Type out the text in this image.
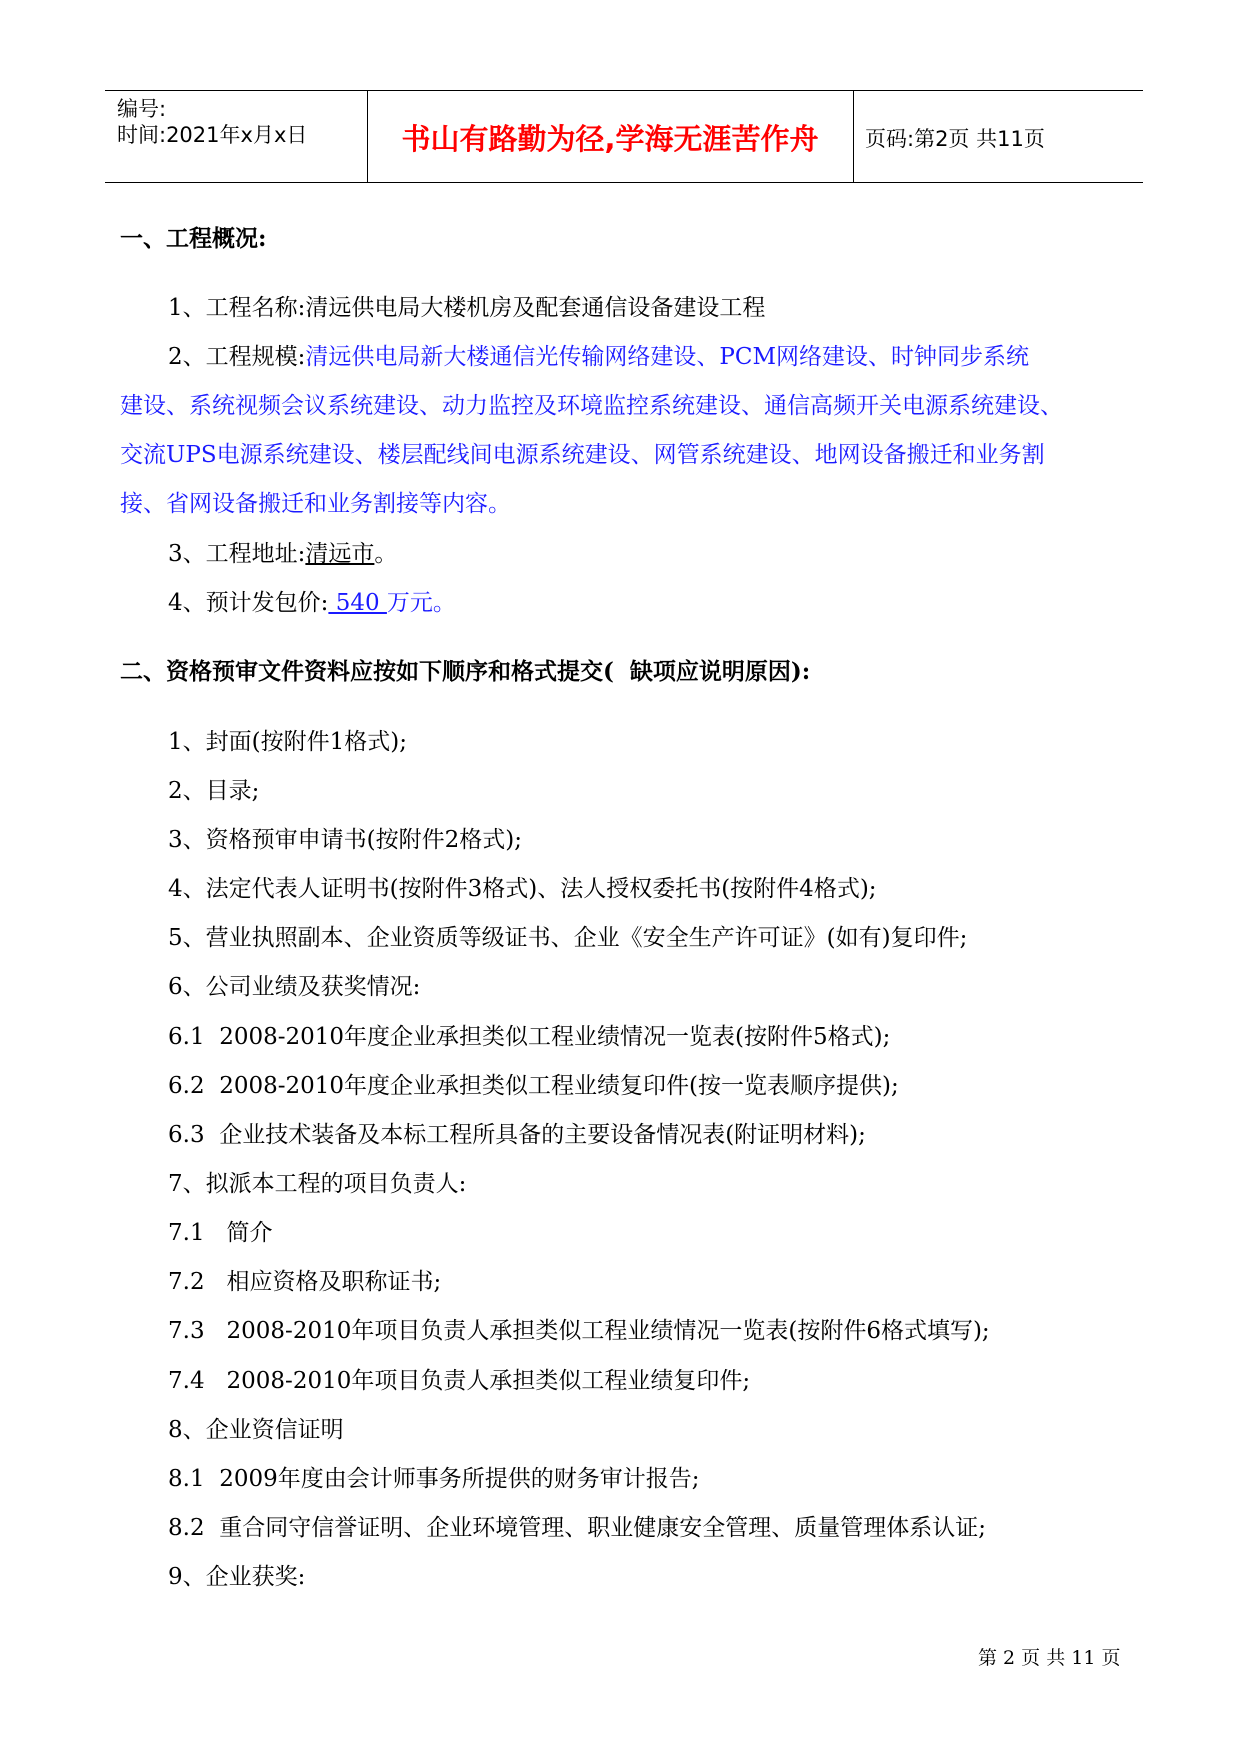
编号:
时间:2021年x月x日	书山有路勤为径,学海无涯苦作舟	页码:第2页 共11页
一、工程概况:
1、工程名称:清远供电局大楼机房及配套通信设备建设工程
2、工程规模:清远供电局新大楼通信光传输网络建设、PCM网络建设、时钟同步系统
建设、系统视频会议系统建设、动力监控及环境监控系统建设、通信高频开关电源系统建设、
交流UPS电源系统建设、楼层配线间电源系统建设、网管系统建设、地网设备搬迁和业务割
接、省网设备搬迁和业务割接等内容。
3、工程地址:清远市。
4、预计发包价: 540 万元。
二、资格预审文件资料应按如下顺序和格式提交(  缺项应说明原因):
1、封面(按附件1格式);
2、目录;
3、资格预审申请书(按附件2格式);
4、法定代表人证明书(按附件3格式)、法人授权委托书(按附件4格式);
5、营业执照副本、企业资质等级证书、企业《安全生产许可证》(如有)复印件;
6、公司业绩及获奖情况:
6.1  2008-2010年度企业承担类似工程业绩情况一览表(按附件5格式);
6.2  2008-2010年度企业承担类似工程业绩复印件(按一览表顺序提供);
6.3  企业技术装备及本标工程所具备的主要设备情况表(附证明材料);
7、拟派本工程的项目负责人:
7.1   简介
7.2   相应资格及职称证书;
7.3   2008-2010年项目负责人承担类似工程业绩情况一览表(按附件6格式填写);
7.4   2008-2010年项目负责人承担类似工程业绩复印件;
8、企业资信证明
8.1  2009年度由会计师事务所提供的财务审计报告;
8.2  重合同守信誉证明、企业环境管理、职业健康安全管理、质量管理体系认证;
9、企业获奖:
第 2 页 共 11 页
